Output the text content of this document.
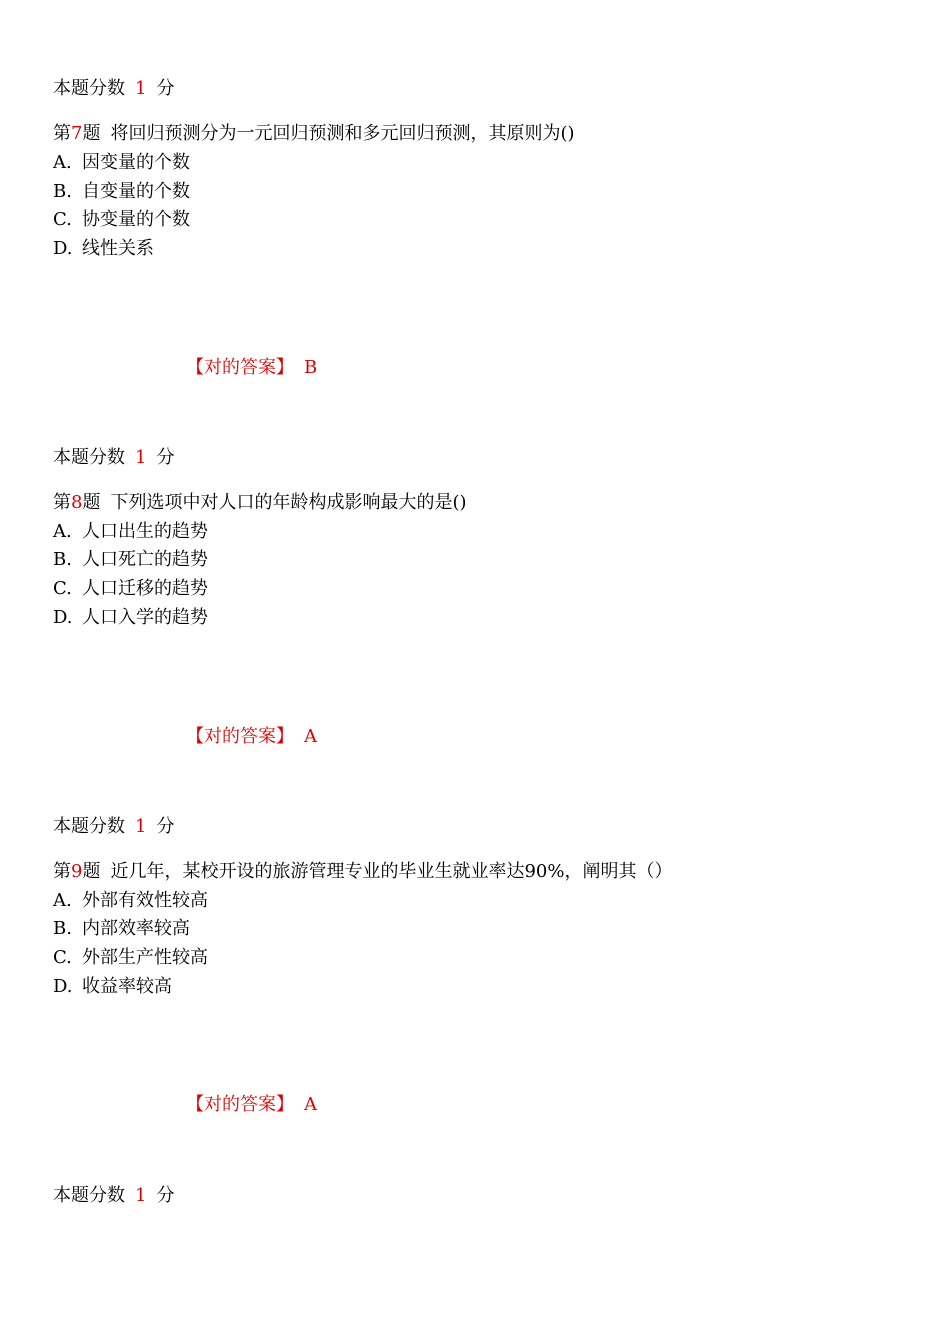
本题分数 1 分
第7题 将回归预测分为一元回归预测和多元回归预测，其原则为()
A. 因变量的个数
B. 自变量的个数
C. 协变量的个数
D. 线性关系
【对的答案】 B
本题分数 1 分
第8题 下列选项中对人口的年龄构成影响最大的是()
A. 人口出生的趋势
B. 人口死亡的趋势
C. 人口迁移的趋势
D. 人口入学的趋势
【对的答案】 A
本题分数 1 分
第9题 近几年，某校开设的旅游管理专业的毕业生就业率达90%，阐明其（）
A. 外部有效性较高
B. 内部效率较高
C. 外部生产性较高
D. 收益率较高
【对的答案】 A
本题分数 1 分
